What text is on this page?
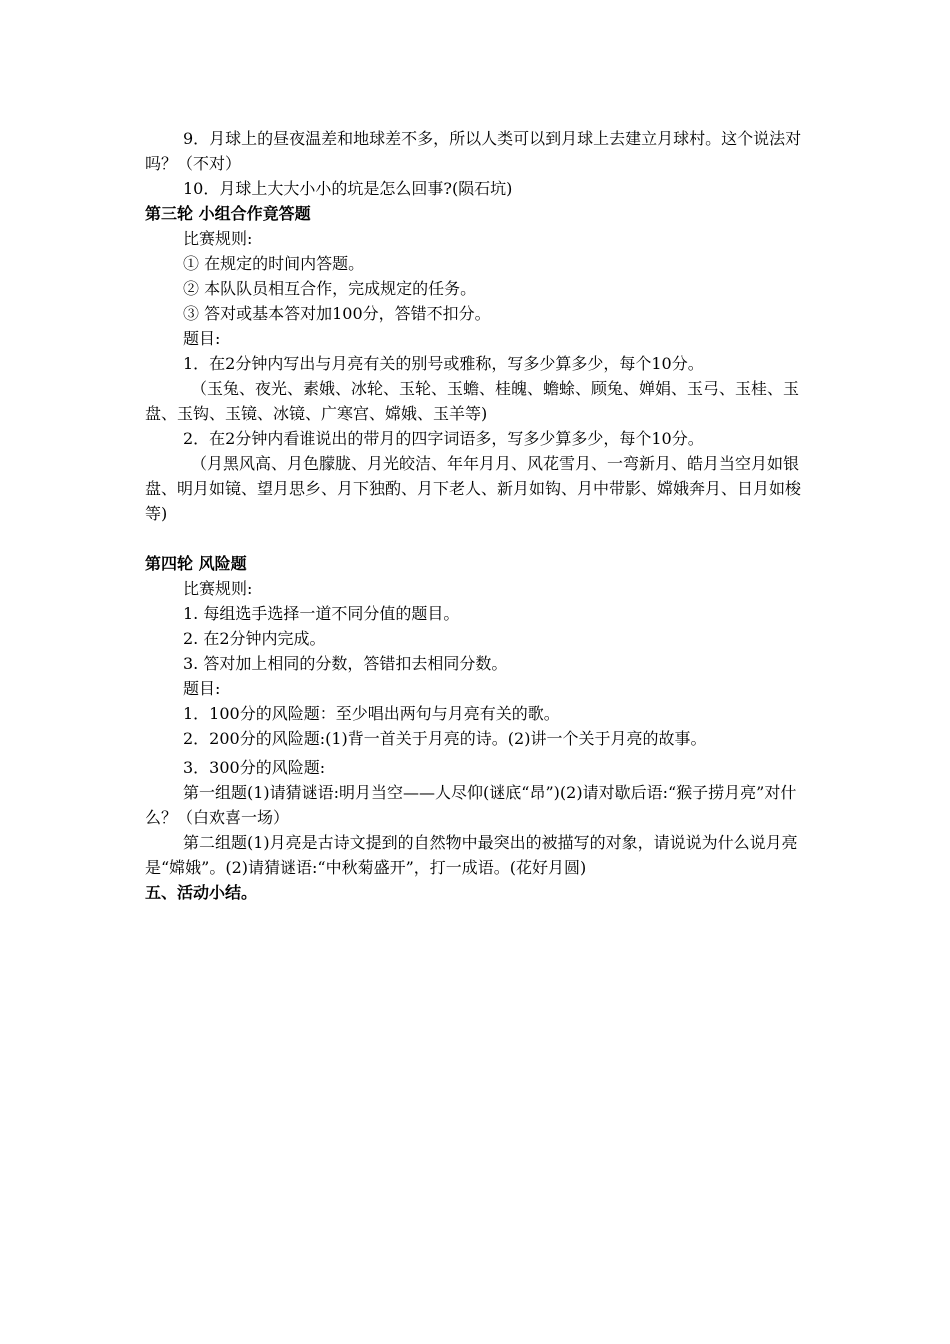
9．月球上的昼夜温差和地球差不多，所以人类可以到月球上去建立月球村。这个说法对吗？（不对）

10．月球上大大小小的坑是怎么回事?(陨石坑)

第三轮 小组合作竟答题

比赛规则:

① 在规定的时间内答题。

② 本队队员相互合作，完成规定的任务。

③ 答对或基本答对加100分，答错不扣分。

题目:

1．在2分钟内写出与月亮有关的别号或雅称，写多少算多少，每个10分。

（玉兔、夜光、素娥、冰轮、玉轮、玉蟾、桂魄、蟾蜍、顾兔、婵娟、玉弓、玉桂、玉盘、玉钩、玉镜、冰镜、广寒宫、嫦娥、玉羊等)

2．在2分钟内看谁说出的带月的四字词语多，写多少算多少，每个10分。

（月黑风高、月色朦胧、月光皎洁、年年月月、风花雪月、一弯新月、皓月当空月如银盘、明月如镜、望月思乡、月下独酌、月下老人、新月如钩、月中带影、嫦娥奔月、日月如梭等)

第四轮 风险题

比赛规则:

1. 每组选手选择一道不同分值的题目。

2. 在2分钟内完成。

3. 答对加上相同的分数，答错扣去相同分数。

题目:

1．100分的风险题：至少唱出两句与月亮有关的歌。

2．200分的风险题:(1)背一首关于月亮的诗。(2)讲一个关于月亮的故事。

3．300分的风险题:

第一组题(1)请猜谜语:明月当空——人尽仰(谜底“昂”)(2)请对歇后语:“猴子捞月亮”对什么？（白欢喜一场）

第二组题(1)月亮是古诗文提到的自然物中最突出的被描写的对象，请说说为什么说月亮是“嫦娥”。(2)请猜谜语:“中秋菊盛开”，打一成语。(花好月圆)

五、活动小结。
